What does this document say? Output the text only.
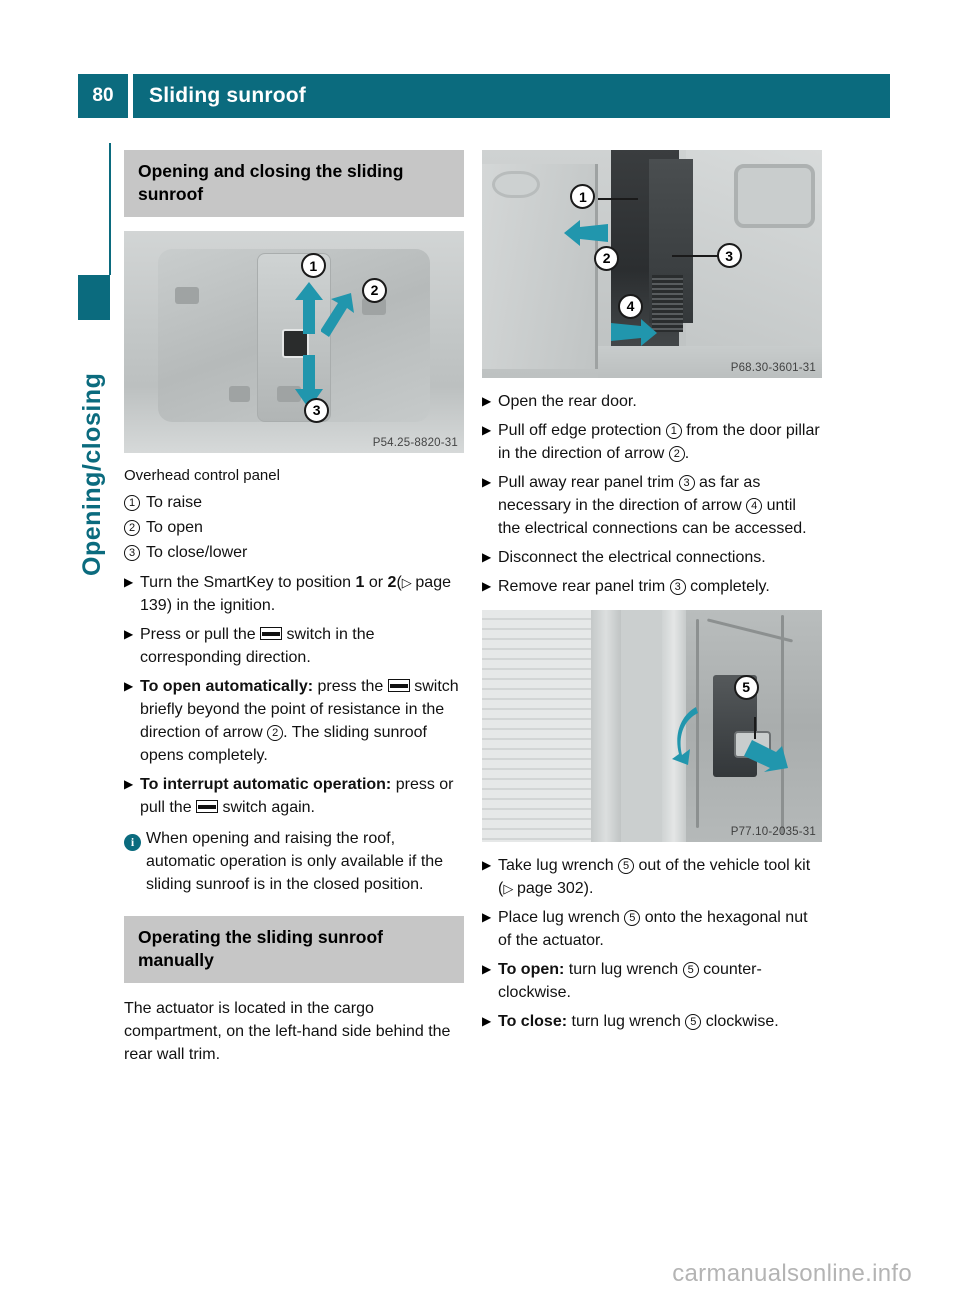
80	Sliding sunroof
Opening/closing
Opening and closing the sliding sunroof
1
2
3
P54.25-8820-31
Overhead control panel
1 To raise
2 To open
3 To close/lower
▶ Turn the SmartKey to position 1 or 2(▷ page 139) in the ignition.
▶ Press or pull the  switch in the corresponding direction.
▶ To open automatically: press the  switch briefly beyond the point of resistance in the direction of arrow 2 . The sliding sunroof opens completely.
▶ To interrupt automatic operation: press or pull the  switch again.
i When opening and raising the roof, automatic operation is only available if the sliding sunroof is in the closed position.
Operating the sliding sunroof manually
The actuator is located in the cargo compartment, on the left-hand side behind the rear wall trim.
1
2	3
4
P68.30-3601-31
▶ Open the rear door.
▶ Pull off edge protection 1 from the door pillar in the direction of arrow 2 .
▶ Pull away rear panel trim 3 as far as necessary in the direction of arrow 4 until the electrical connections can be accessed.
▶ Disconnect the electrical connections.
▶ Remove rear panel trim 3 completely.
5
P77.10-2035-31
▶ Take lug wrench 5 out of the vehicle tool kit (▷ page 302).
▶ Place lug wrench 5 onto the hexagonal nut of the actuator.
▶ To open: turn lug wrench 5 counter-clockwise.
▶ To close: turn lug wrench 5 clockwise.
carmanualsonline.info
